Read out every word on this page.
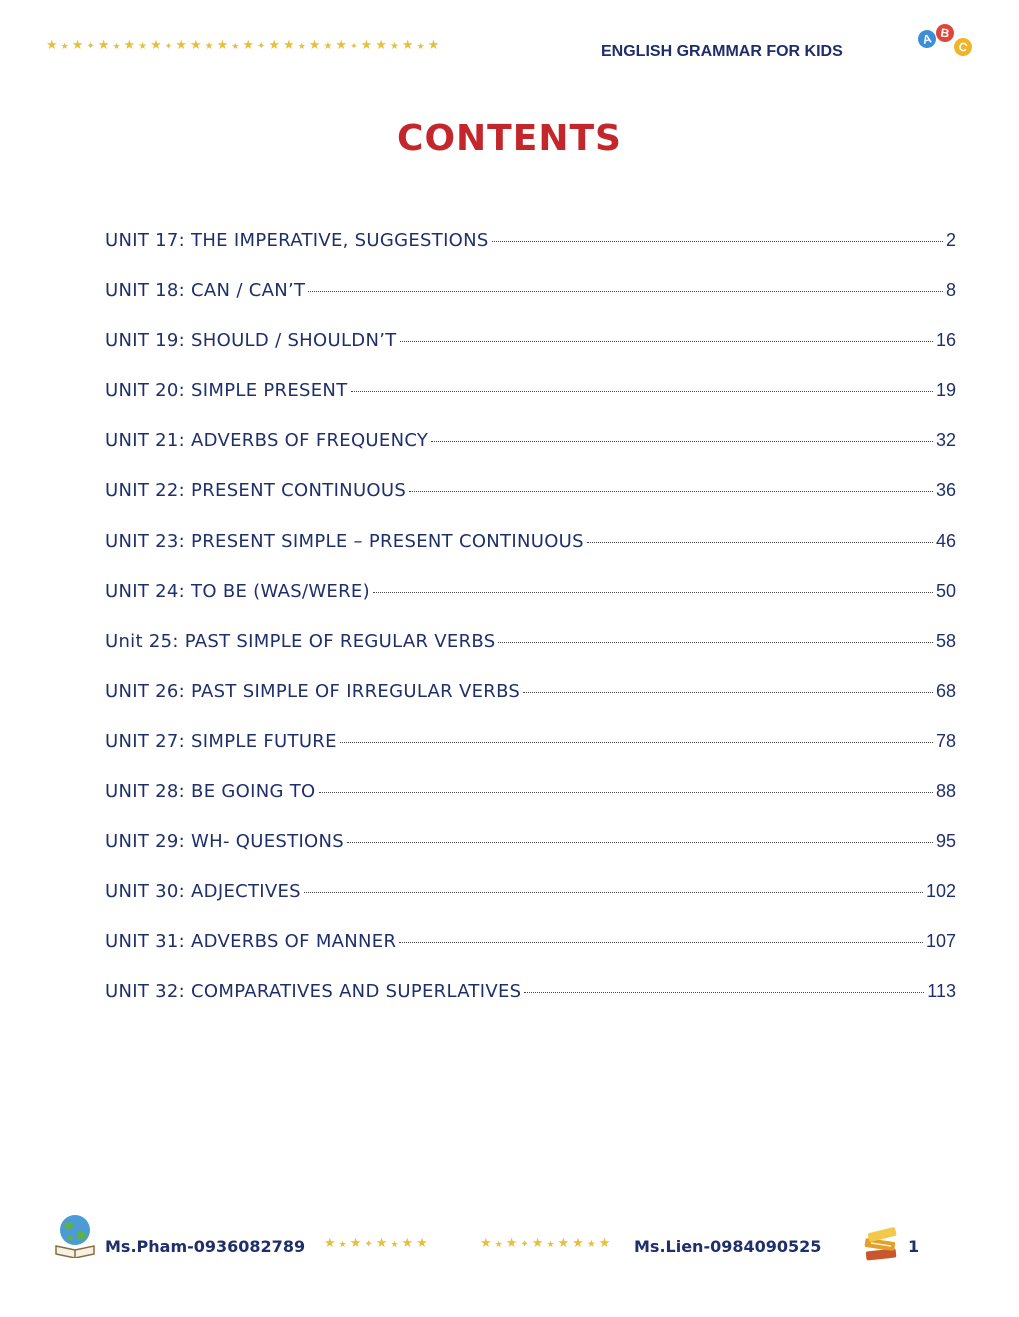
★★★✦★★★★★✦★★★★★★✦★★★★★★✦★★★★★★	ENGLISH GRAMMAR FOR KIDS
A B
C
CONTENTS
UNIT 17: THE IMPERATIVE, SUGGESTIONS	2
UNIT 18: CAN / CAN’T	8
UNIT 19: SHOULD / SHOULDN’T	16
UNIT 20: SIMPLE PRESENT	19
UNIT 21: ADVERBS OF FREQUENCY	32
UNIT 22: PRESENT CONTINUOUS	36
UNIT 23: PRESENT SIMPLE – PRESENT CONTINUOUS	46
UNIT 24: TO BE (WAS/WERE)	50
Unit 25: PAST SIMPLE OF REGULAR VERBS	58
UNIT 26: PAST SIMPLE OF IRREGULAR VERBS	68
UNIT 27: SIMPLE FUTURE	78
UNIT 28: BE GOING TO	88
UNIT 29: WH- QUESTIONS	95
UNIT 30: ADJECTIVES	102
UNIT 31: ADVERBS OF MANNER	107
UNIT 32: COMPARATIVES AND SUPERLATIVES	113
Ms.Pham-0936082789 ★★★✦★★★★	★★★✦★★★★★★ Ms.Lien-0984090525	1
